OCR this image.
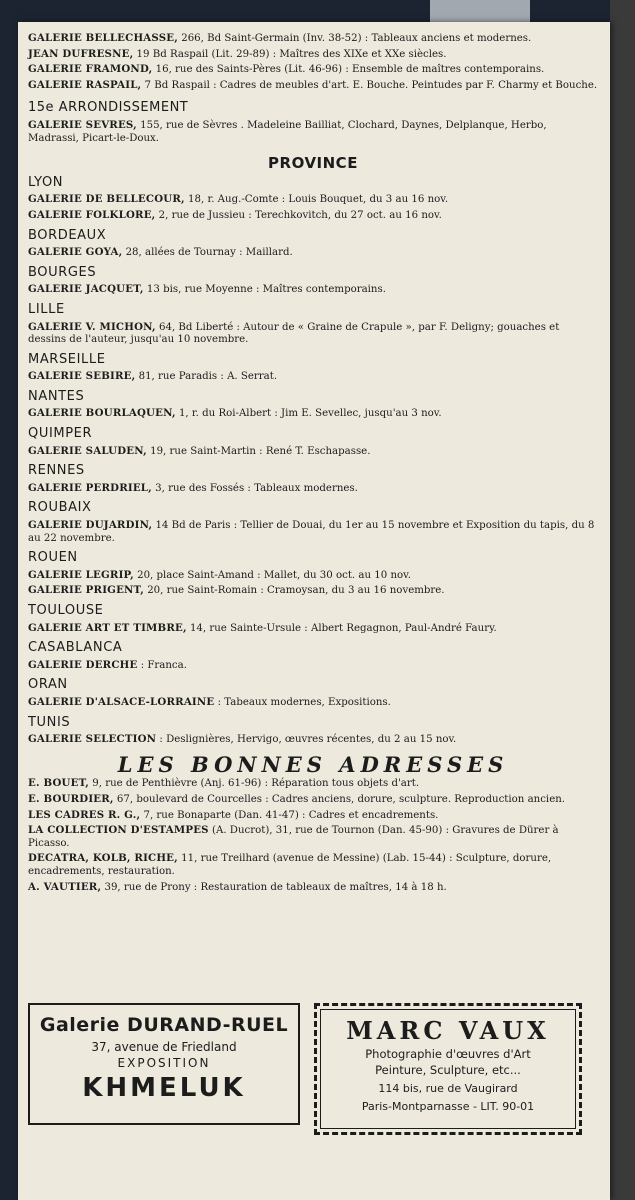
GALERIE BELLECHASSE, 266, Bd Saint-Germain (Inv. 38-52) : Tableaux anciens et modernes.
JEAN DUFRESNE, 19 Bd Raspail (Lit. 29-89) : Maîtres des XIXe et XXe siècles.
GALERIE FRAMOND, 16, rue des Saints-Pères (Lit. 46-96) : Ensemble de maîtres contemporains.
GALERIE RASPAIL, 7 Bd Raspail : Cadres de meubles d'art. E. Bouche. Peintudes par F. Charmy et Bouche.
15e ARRONDISSEMENT
GALERIE SEVRES, 155, rue de Sèvres . Madeleine Bailliat, Clochard, Daynes, Delplanque, Herbo, Madrassi, Picart-le-Doux.
PROVINCE
LYON
GALERIE DE BELLECOUR, 18, r. Aug.-Comte : Louis Bouquet, du 3 au 16 nov.
GALERIE FOLKLORE, 2, rue de Jussieu : Terechkovitch, du 27 oct. au 16 nov.
BORDEAUX
GALERIE GOYA, 28, allées de Tournay : Maillard.
BOURGES
GALERIE JACQUET, 13 bis, rue Moyenne : Maîtres contemporains.
LILLE
GALERIE V. MICHON, 64, Bd Liberté : Autour de « Graine de Crapule », par F. Deligny; gouaches et dessins de l'auteur, jusqu'au 10 novembre.
MARSEILLE
GALERIE SEBIRE, 81, rue Paradis : A. Serrat.
NANTES
GALERIE BOURLAQUEN, 1, r. du Roi-Albert : Jim E. Sevellec, jusqu'au 3 nov.
QUIMPER
GALERIE SALUDEN, 19, rue Saint-Martin : René T. Eschapasse.
RENNES
GALERIE PERDRIEL, 3, rue des Fossés : Tableaux modernes.
ROUBAIX
GALERIE DUJARDIN, 14 Bd de Paris : Tellier de Douai, du 1er au 15 novembre et Exposition du tapis, du 8 au 22 novembre.
ROUEN
GALERIE LEGRIP, 20, place Saint-Amand : Mallet, du 30 oct. au 10 nov.
GALERIE PRIGENT, 20, rue Saint-Romain : Cramoysan, du 3 au 16 novembre.
TOULOUSE
GALERIE ART ET TIMBRE, 14, rue Sainte-Ursule : Albert Regagnon, Paul-André Faury.
CASABLANCA
GALERIE DERCHE : Franca.
ORAN
GALERIE D'ALSACE-LORRAINE : Tabeaux modernes, Expositions.
TUNIS
GALERIE SELECTION : Deslignières, Hervigo, œuvres récentes, du 2 au 15 nov.
LES BONNES ADRESSES
E. BOUET, 9, rue de Penthièvre (Anj. 61-96) : Réparation tous objets d'art.
E. BOURDIER, 67, boulevard de Courcelles : Cadres anciens, dorure, sculpture. Reproduction ancien.
LES CADRES R. G., 7, rue Bonaparte (Dan. 41-47) : Cadres et encadrements.
LA COLLECTION D'ESTAMPES (A. Ducrot), 31, rue de Tournon (Dan. 45-90) : Gravures de Dürer à Picasso.
DECATRA, KOLB, RICHE, 11, rue Treilhard (avenue de Messine) (Lab. 15-44) : Sculpture, dorure, encadrements, restauration.
A. VAUTIER, 39, rue de Prony : Restauration de tableaux de maîtres, 14 à 18 h.
Galerie DURAND-RUEL
37, avenue de Friedland
EXPOSITION
KHMELUK
MARC VAUX
Photographie d'œuvres d'Art
Peinture, Sculpture, etc...
114 bis, rue de Vaugirard
Paris-Montparnasse - LIT. 90-01
